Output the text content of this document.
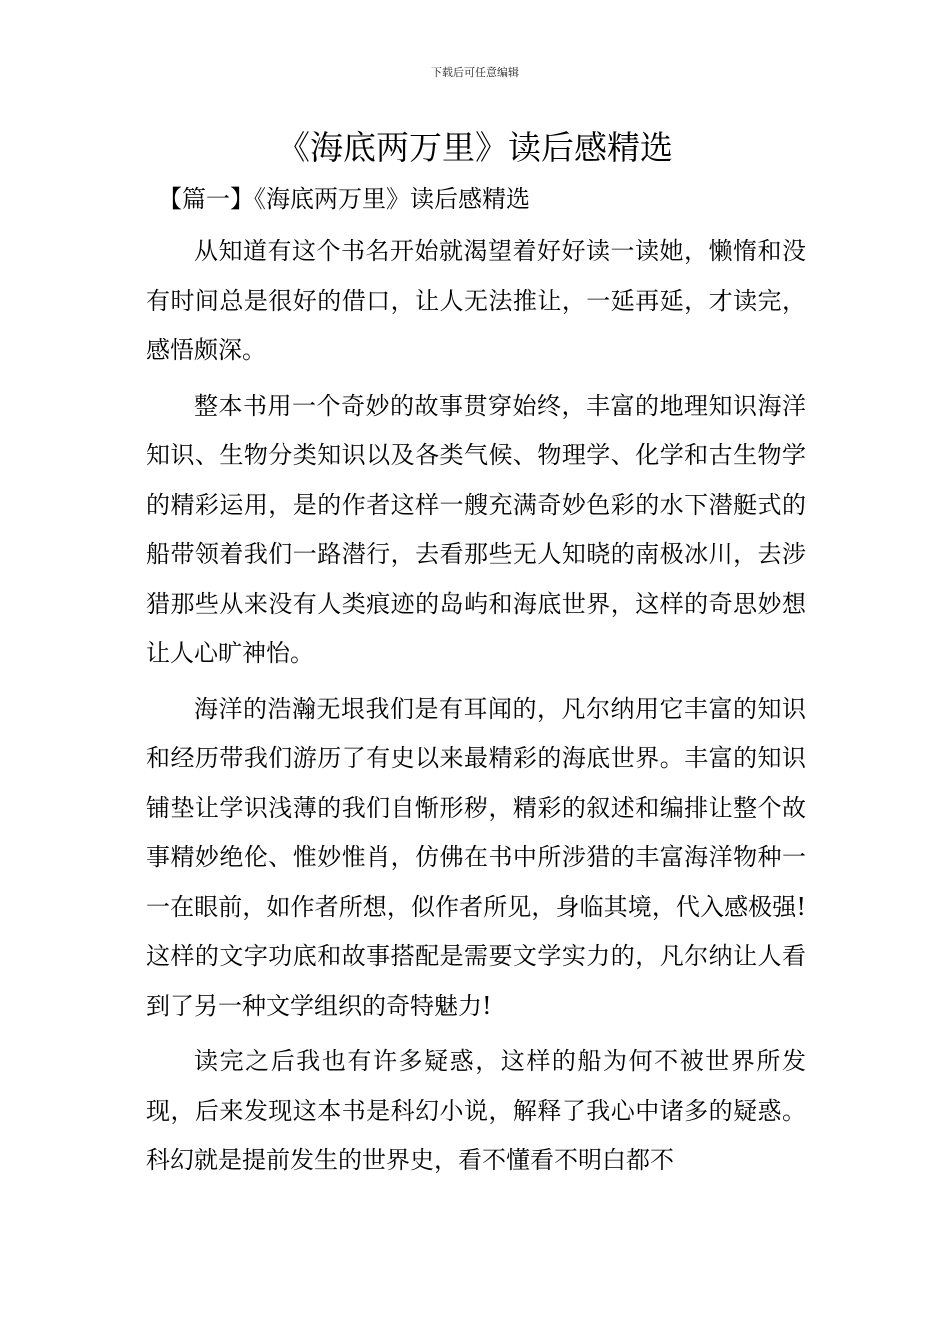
下载后可任意编辑
《海底两万里》读后感精选
【篇一】《海底两万里》读后感精选

从知道有这个书名开始就渴望着好好读一读她，懒惰和没有时间总是很好的借口，让人无法推让，一延再延，才读完，感悟颇深。

整本书用一个奇妙的故事贯穿始终，丰富的地理知识海洋知识、生物分类知识以及各类气候、物理学、化学和古生物学的精彩运用，是的作者这样一艘充满奇妙色彩的水下潜艇式的船带领着我们一路潜行，去看那些无人知晓的南极冰川，去涉猎那些从来没有人类痕迹的岛屿和海底世界，这样的奇思妙想让人心旷神怡。

海洋的浩瀚无垠我们是有耳闻的，凡尔纳用它丰富的知识和经历带我们游历了有史以来最精彩的海底世界。丰富的知识铺垫让学识浅薄的我们自惭形秽，精彩的叙述和编排让整个故事精妙绝伦、惟妙惟肖，仿佛在书中所涉猎的丰富海洋物种一一在眼前，如作者所想，似作者所见，身临其境，代入感极强!这样的文字功底和故事搭配是需要文学实力的，凡尔纳让人看到了另一种文学组织的奇特魅力!

读完之后我也有许多疑惑，这样的船为何不被世界所发现，后来发现这本书是科幻小说，解释了我心中诸多的疑惑。科幻就是提前发生的世界史，看不懂看不明白都不
